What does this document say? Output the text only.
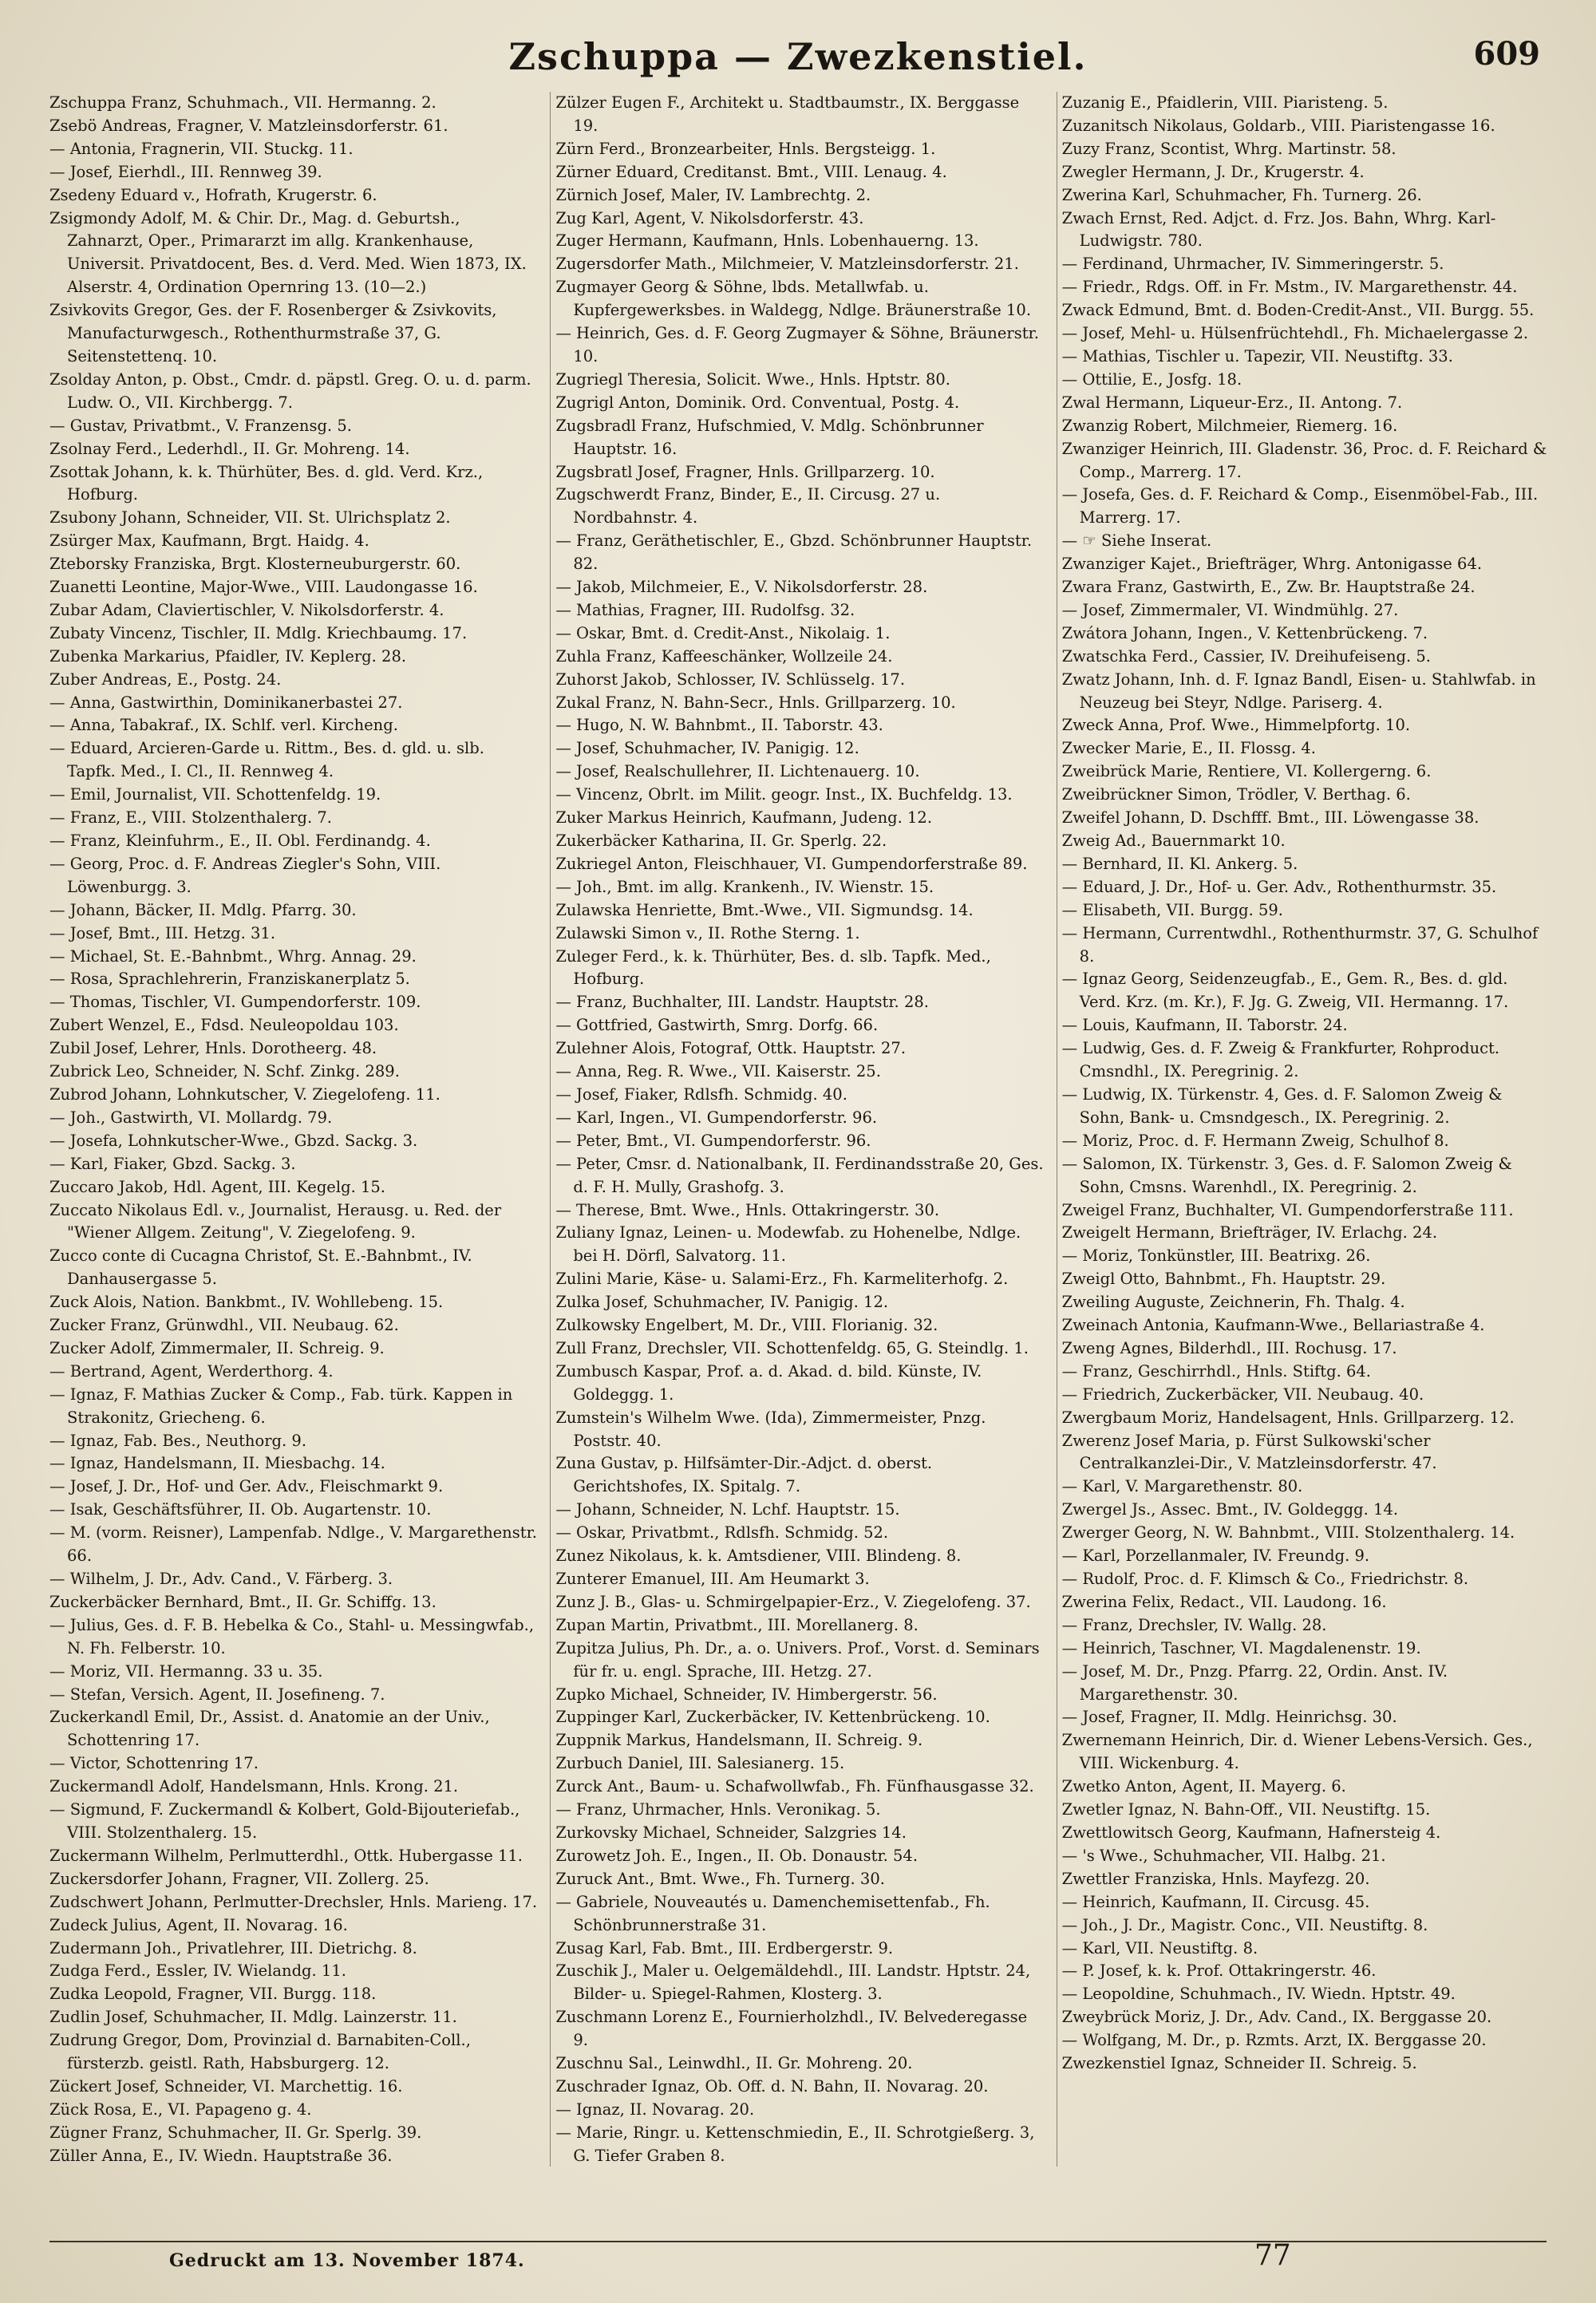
Zschuppa — Zwezkenstiel.	609

Zschuppa Franz, Schuhmach., VII. Hermanng. 2.

Zsebö Andreas, Fragner, V. Matzleinsdorferstr. 61.

— Antonia, Fragnerin, VII. Stuckg. 11.

— Josef, Eierhdl., III. Rennweg 39.

Zsedeny Eduard v., Hofrath, Krugerstr. 6.

Zsigmondy Adolf, M. & Chir. Dr., Mag. d. Geburtsh., Zahnarzt, Oper., Primararzt im allg. Krankenhause, Universit. Privatdocent, Bes. d. Verd. Med. Wien 1873, IX. Alserstr. 4, Ordination Opernring 13. (10—2.)

Zsivkovits Gregor, Ges. der F. Rosenberger & Zsivkovits, Manufacturwgesch., Rothenthurmstraße 37, G. Seitenstettenq. 10.

Zsolday Anton, p. Obst., Cmdr. d. päpstl. Greg. O. u. d. parm. Ludw. O., VII. Kirchbergg. 7.

— Gustav, Privatbmt., V. Franzensg. 5.

Zsolnay Ferd., Lederhdl., II. Gr. Mohreng. 14.

Zsottak Johann, k. k. Thürhüter, Bes. d. gld. Verd. Krz., Hofburg.

Zsubony Johann, Schneider, VII. St. Ulrichsplatz 2.

Zsürger Max, Kaufmann, Brgt. Haidg. 4.

Zteborsky Franziska, Brgt. Klosterneuburgerstr. 60.

Zuanetti Leontine, Major-Wwe., VIII. Laudongasse 16.

Zubar Adam, Claviertischler, V. Nikolsdorferstr. 4.

Zubaty Vincenz, Tischler, II. Mdlg. Kriechbaumg. 17.

Zubenka Markarius, Pfaidler, IV. Keplerg. 28.

Zuber Andreas, E., Postg. 24.

— Anna, Gastwirthin, Dominikanerbastei 27.

— Anna, Tabakraf., IX. Schlf. verl. Kircheng.

— Eduard, Arcieren-Garde u. Rittm., Bes. d. gld. u. slb. Tapfk. Med., I. Cl., II. Rennweg 4.

— Emil, Journalist, VII. Schottenfeldg. 19.

— Franz, E., VIII. Stolzenthalerg. 7.

— Franz, Kleinfuhrm., E., II. Obl. Ferdinandg. 4.

— Georg, Proc. d. F. Andreas Ziegler's Sohn, VIII. Löwenburgg. 3.

— Johann, Bäcker, II. Mdlg. Pfarrg. 30.

— Josef, Bmt., III. Hetzg. 31.

— Michael, St. E.-Bahnbmt., Whrg. Annag. 29.

— Rosa, Sprachlehrerin, Franziskanerplatz 5.

— Thomas, Tischler, VI. Gumpendorferstr. 109.

Zubert Wenzel, E., Fdsd. Neuleopoldau 103.

Zubil Josef, Lehrer, Hnls. Dorotheerg. 48.

Zubrick Leo, Schneider, N. Schf. Zinkg. 289.

Zubrod Johann, Lohnkutscher, V. Ziegelofeng. 11.

— Joh., Gastwirth, VI. Mollardg. 79.

— Josefa, Lohnkutscher-Wwe., Gbzd. Sackg. 3.

— Karl, Fiaker, Gbzd. Sackg. 3.

Zuccaro Jakob, Hdl. Agent, III. Kegelg. 15.

Zuccato Nikolaus Edl. v., Journalist, Herausg. u. Red. der "Wiener Allgem. Zeitung", V. Ziegelofeng. 9.

Zucco conte di Cucagna Christof, St. E.-Bahnbmt., IV. Danhausergasse 5.

Zuck Alois, Nation. Bankbmt., IV. Wohllebeng. 15.

Zucker Franz, Grünwdhl., VII. Neubaug. 62.

Zucker Adolf, Zimmermaler, II. Schreig. 9.

— Bertrand, Agent, Werderthorg. 4.

— Ignaz, F. Mathias Zucker & Comp., Fab. türk. Kappen in Strakonitz, Griecheng. 6.

— Ignaz, Fab. Bes., Neuthorg. 9.

— Ignaz, Handelsmann, II. Miesbachg. 14.

— Josef, J. Dr., Hof- und Ger. Adv., Fleischmarkt 9.

— Isak, Geschäftsführer, II. Ob. Augartenstr. 10.

— M. (vorm. Reisner), Lampenfab. Ndlge., V. Margarethenstr. 66.

— Wilhelm, J. Dr., Adv. Cand., V. Färberg. 3.

Zuckerbäcker Bernhard, Bmt., II. Gr. Schiffg. 13.

— Julius, Ges. d. F. B. Hebelka & Co., Stahl- u. Messingwfab., N. Fh. Felberstr. 10.

— Moriz, VII. Hermanng. 33 u. 35.

— Stefan, Versich. Agent, II. Josefineng. 7.

Zuckerkandl Emil, Dr., Assist. d. Anatomie an der Univ., Schottenring 17.

— Victor, Schottenring 17.

Zuckermandl Adolf, Handelsmann, Hnls. Krong. 21.

— Sigmund, F. Zuckermandl & Kolbert, Gold-Bijouteriefab., VIII. Stolzenthalerg. 15.

Zuckermann Wilhelm, Perlmutterdhl., Ottk. Hubergasse 11.

Zuckersdorfer Johann, Fragner, VII. Zollerg. 25.

Zudschwert Johann, Perlmutter-Drechsler, Hnls. Marieng. 17.

Zudeck Julius, Agent, II. Novarag. 16.

Zudermann Joh., Privatlehrer, III. Dietrichg. 8.

Zudga Ferd., Essler, IV. Wielandg. 11.

Zudka Leopold, Fragner, VII. Burgg. 118.

Zudlin Josef, Schuhmacher, II. Mdlg. Lainzerstr. 11.

Zudrung Gregor, Dom, Provinzial d. Barnabiten-Coll., fürsterzb. geistl. Rath, Habsburgerg. 12.

Zückert Josef, Schneider, VI. Marchettig. 16.

Zück Rosa, E., VI. Papageno g. 4.

Zügner Franz, Schuhmacher, II. Gr. Sperlg. 39.

Züller Anna, E., IV. Wiedn. Hauptstraße 36.

Zülzer Eugen F., Architekt u. Stadtbaumstr., IX. Berggasse 19.

Zürn Ferd., Bronzearbeiter, Hnls. Bergsteigg. 1.

Zürner Eduard, Creditanst. Bmt., VIII. Lenaug. 4.

Zürnich Josef, Maler, IV. Lambrechtg. 2.

Zug Karl, Agent, V. Nikolsdorferstr. 43.

Zuger Hermann, Kaufmann, Hnls. Lobenhauerng. 13.

Zugersdorfer Math., Milchmeier, V. Matzleinsdorferstr. 21.

Zugmayer Georg & Söhne, lbds. Metallwfab. u. Kupfergewerksbes. in Waldegg, Ndlge. Bräunerstraße 10.

— Heinrich, Ges. d. F. Georg Zugmayer & Söhne, Bräunerstr. 10.

Zugriegl Theresia, Solicit. Wwe., Hnls. Hptstr. 80.

Zugrigl Anton, Dominik. Ord. Conventual, Postg. 4.

Zugsbradl Franz, Hufschmied, V. Mdlg. Schönbrunner Hauptstr. 16.

Zugsbratl Josef, Fragner, Hnls. Grillparzerg. 10.

Zugschwerdt Franz, Binder, E., II. Circusg. 27 u. Nordbahnstr. 4.

— Franz, Geräthetischler, E., Gbzd. Schönbrunner Hauptstr. 82.

— Jakob, Milchmeier, E., V. Nikolsdorferstr. 28.

— Mathias, Fragner, III. Rudolfsg. 32.

— Oskar, Bmt. d. Credit-Anst., Nikolaig. 1.

Zuhla Franz, Kaffeeschänker, Wollzeile 24.

Zuhorst Jakob, Schlosser, IV. Schlüsselg. 17.

Zukal Franz, N. Bahn-Secr., Hnls. Grillparzerg. 10.

— Hugo, N. W. Bahnbmt., II. Taborstr. 43.

— Josef, Schuhmacher, IV. Panigig. 12.

— Josef, Realschullehrer, II. Lichtenauerg. 10.

— Vincenz, Obrlt. im Milit. geogr. Inst., IX. Buchfeldg. 13.

Zuker Markus Heinrich, Kaufmann, Judeng. 12.

Zukerbäcker Katharina, II. Gr. Sperlg. 22.

Zukriegel Anton, Fleischhauer, VI. Gumpendorferstraße 89.

— Joh., Bmt. im allg. Krankenh., IV. Wienstr. 15.

Zulawska Henriette, Bmt.-Wwe., VII. Sigmundsg. 14.

Zulawski Simon v., II. Rothe Sterng. 1.

Zuleger Ferd., k. k. Thürhüter, Bes. d. slb. Tapfk. Med., Hofburg.

— Franz, Buchhalter, III. Landstr. Hauptstr. 28.

— Gottfried, Gastwirth, Smrg. Dorfg. 66.

Zulehner Alois, Fotograf, Ottk. Hauptstr. 27.

— Anna, Reg. R. Wwe., VII. Kaiserstr. 25.

— Josef, Fiaker, Rdlsfh. Schmidg. 40.

— Karl, Ingen., VI. Gumpendorferstr. 96.

— Peter, Bmt., VI. Gumpendorferstr. 96.

— Peter, Cmsr. d. Nationalbank, II. Ferdinandsstraße 20, Ges. d. F. H. Mully, Grashofg. 3.

— Therese, Bmt. Wwe., Hnls. Ottakringerstr. 30.

Zuliany Ignaz, Leinen- u. Modewfab. zu Hohenelbe, Ndlge. bei H. Dörfl, Salvatorg. 11.

Zulini Marie, Käse- u. Salami-Erz., Fh. Karmeliterhofg. 2.

Zulka Josef, Schuhmacher, IV. Panigig. 12.

Zulkowsky Engelbert, M. Dr., VIII. Florianig. 32.

Zull Franz, Drechsler, VII. Schottenfeldg. 65, G. Steindlg. 1.

Zumbusch Kaspar, Prof. a. d. Akad. d. bild. Künste, IV. Goldeggg. 1.

Zumstein's Wilhelm Wwe. (Ida), Zimmermeister, Pnzg. Poststr. 40.

Zuna Gustav, p. Hilfsämter-Dir.-Adjct. d. oberst. Gerichtshofes, IX. Spitalg. 7.

— Johann, Schneider, N. Lchf. Hauptstr. 15.

— Oskar, Privatbmt., Rdlsfh. Schmidg. 52.

Zunez Nikolaus, k. k. Amtsdiener, VIII. Blindeng. 8.

Zunterer Emanuel, III. Am Heumarkt 3.

Zunz J. B., Glas- u. Schmirgelpapier-Erz., V. Ziegelofeng. 37.

Zupan Martin, Privatbmt., III. Morellanerg. 8.

Zupitza Julius, Ph. Dr., a. o. Univers. Prof., Vorst. d. Seminars für fr. u. engl. Sprache, III. Hetzg. 27.

Zupko Michael, Schneider, IV. Himbergerstr. 56.

Zuppinger Karl, Zuckerbäcker, IV. Kettenbrückeng. 10.

Zuppnik Markus, Handelsmann, II. Schreig. 9.

Zurbuch Daniel, III. Salesianerg. 15.

Zurck Ant., Baum- u. Schafwollwfab., Fh. Fünfhausgasse 32.

— Franz, Uhrmacher, Hnls. Veronikag. 5.

Zurkovsky Michael, Schneider, Salzgries 14.

Zurowetz Joh. E., Ingen., II. Ob. Donaustr. 54.

Zuruck Ant., Bmt. Wwe., Fh. Turnerg. 30.

— Gabriele, Nouveautés u. Damenchemisettenfab., Fh. Schönbrunnerstraße 31.

Zusag Karl, Fab. Bmt., III. Erdbergerstr. 9.

Zuschik J., Maler u. Oelgemäldehdl., III. Landstr. Hptstr. 24, Bilder- u. Spiegel-Rahmen, Klosterg. 3.

Zuschmann Lorenz E., Fournierholzhdl., IV. Belvederegasse 9.

Zuschnu Sal., Leinwdhl., II. Gr. Mohreng. 20.

Zuschrader Ignaz, Ob. Off. d. N. Bahn, II. Novarag. 20.

— Ignaz, II. Novarag. 20.

— Marie, Ringr. u. Kettenschmiedin, E., II. Schrotgießerg. 3, G. Tiefer Graben 8.

Zuzanig E., Pfaidlerin, VIII. Piaristeng. 5.

Zuzanitsch Nikolaus, Goldarb., VIII. Piaristengasse 16.

Zuzy Franz, Scontist, Whrg. Martinstr. 58.

Zwegler Hermann, J. Dr., Krugerstr. 4.

Zwerina Karl, Schuhmacher, Fh. Turnerg. 26.

Zwach Ernst, Red. Adjct. d. Frz. Jos. Bahn, Whrg. Karl-Ludwigstr. 780.

— Ferdinand, Uhrmacher, IV. Simmeringerstr. 5.

— Friedr., Rdgs. Off. in Fr. Mstm., IV. Margarethenstr. 44.

Zwack Edmund, Bmt. d. Boden-Credit-Anst., VII. Burgg. 55.

— Josef, Mehl- u. Hülsenfrüchtehdl., Fh. Michaelergasse 2.

— Mathias, Tischler u. Tapezir, VII. Neustiftg. 33.

— Ottilie, E., Josfg. 18.

Zwal Hermann, Liqueur-Erz., II. Antong. 7.

Zwanzig Robert, Milchmeier, Riemerg. 16.

Zwanziger Heinrich, III. Gladenstr. 36, Proc. d. F. Reichard & Comp., Marrerg. 17.

— Josefa, Ges. d. F. Reichard & Comp., Eisenmöbel-Fab., III. Marrerg. 17.

— ☞ Siehe Inserat.

Zwanziger Kajet., Briefträger, Whrg. Antonigasse 64.

Zwara Franz, Gastwirth, E., Zw. Br. Hauptstraße 24.

— Josef, Zimmermaler, VI. Windmühlg. 27.

Zwátora Johann, Ingen., V. Kettenbrückeng. 7.

Zwatschka Ferd., Cassier, IV. Dreihufeiseng. 5.

Zwatz Johann, Inh. d. F. Ignaz Bandl, Eisen- u. Stahlwfab. in Neuzeug bei Steyr, Ndlge. Pariserg. 4.

Zweck Anna, Prof. Wwe., Himmelpfortg. 10.

Zwecker Marie, E., II. Flossg. 4.

Zweibrück Marie, Rentiere, VI. Kollergerng. 6.

Zweibrückner Simon, Trödler, V. Berthag. 6.

Zweifel Johann, D. Dschfff. Bmt., III. Löwengasse 38.

Zweig Ad., Bauernmarkt 10.

— Bernhard, II. Kl. Ankerg. 5.

— Eduard, J. Dr., Hof- u. Ger. Adv., Rothenthurmstr. 35.

— Elisabeth, VII. Burgg. 59.

— Hermann, Currentwdhl., Rothenthurmstr. 37, G. Schulhof 8.

— Ignaz Georg, Seidenzeugfab., E., Gem. R., Bes. d. gld. Verd. Krz. (m. Kr.), F. Jg. G. Zweig, VII. Hermanng. 17.

— Louis, Kaufmann, II. Taborstr. 24.

— Ludwig, Ges. d. F. Zweig & Frankfurter, Rohproduct. Cmsndhl., IX. Peregrinig. 2.

— Ludwig, IX. Türkenstr. 4, Ges. d. F. Salomon Zweig & Sohn, Bank- u. Cmsndgesch., IX. Peregrinig. 2.

— Moriz, Proc. d. F. Hermann Zweig, Schulhof 8.

— Salomon, IX. Türkenstr. 3, Ges. d. F. Salomon Zweig & Sohn, Cmsns. Warenhdl., IX. Peregrinig. 2.

Zweigel Franz, Buchhalter, VI. Gumpendorferstraße 111.

Zweigelt Hermann, Briefträger, IV. Erlachg. 24.

— Moriz, Tonkünstler, III. Beatrixg. 26.

Zweigl Otto, Bahnbmt., Fh. Hauptstr. 29.

Zweiling Auguste, Zeichnerin, Fh. Thalg. 4.

Zweinach Antonia, Kaufmann-Wwe., Bellariastraße 4.

Zweng Agnes, Bilderhdl., III. Rochusg. 17.

— Franz, Geschirrhdl., Hnls. Stiftg. 64.

— Friedrich, Zuckerbäcker, VII. Neubaug. 40.

Zwergbaum Moriz, Handelsagent, Hnls. Grillparzerg. 12.

Zwerenz Josef Maria, p. Fürst Sulkowski'scher Centralkanzlei-Dir., V. Matzleinsdorferstr. 47.

— Karl, V. Margarethenstr. 80.

Zwergel Js., Assec. Bmt., IV. Goldeggg. 14.

Zwerger Georg, N. W. Bahnbmt., VIII. Stolzenthalerg. 14.

— Karl, Porzellanmaler, IV. Freundg. 9.

— Rudolf, Proc. d. F. Klimsch & Co., Friedrichstr. 8.

Zwerina Felix, Redact., VII. Laudong. 16.

— Franz, Drechsler, IV. Wallg. 28.

— Heinrich, Taschner, VI. Magdalenenstr. 19.

— Josef, M. Dr., Pnzg. Pfarrg. 22, Ordin. Anst. IV. Margarethenstr. 30.

— Josef, Fragner, II. Mdlg. Heinrichsg. 30.

Zwernemann Heinrich, Dir. d. Wiener Lebens-Versich. Ges., VIII. Wickenburg. 4.

Zwetko Anton, Agent, II. Mayerg. 6.

Zwetler Ignaz, N. Bahn-Off., VII. Neustiftg. 15.

Zwettlowitsch Georg, Kaufmann, Hafnersteig 4.

— 's Wwe., Schuhmacher, VII. Halbg. 21.

Zwettler Franziska, Hnls. Mayfezg. 20.

— Heinrich, Kaufmann, II. Circusg. 45.

— Joh., J. Dr., Magistr. Conc., VII. Neustiftg. 8.

— Karl, VII. Neustiftg. 8.

— P. Josef, k. k. Prof. Ottakringerstr. 46.

— Leopoldine, Schuhmach., IV. Wiedn. Hptstr. 49.

Zweybrück Moriz, J. Dr., Adv. Cand., IX. Berggasse 20.

— Wolfgang, M. Dr., p. Rzmts. Arzt, IX. Berggasse 20.

Zwezkenstiel Ignaz, Schneider II. Schreig. 5.

Gedruckt am 13. November 1874.	77
